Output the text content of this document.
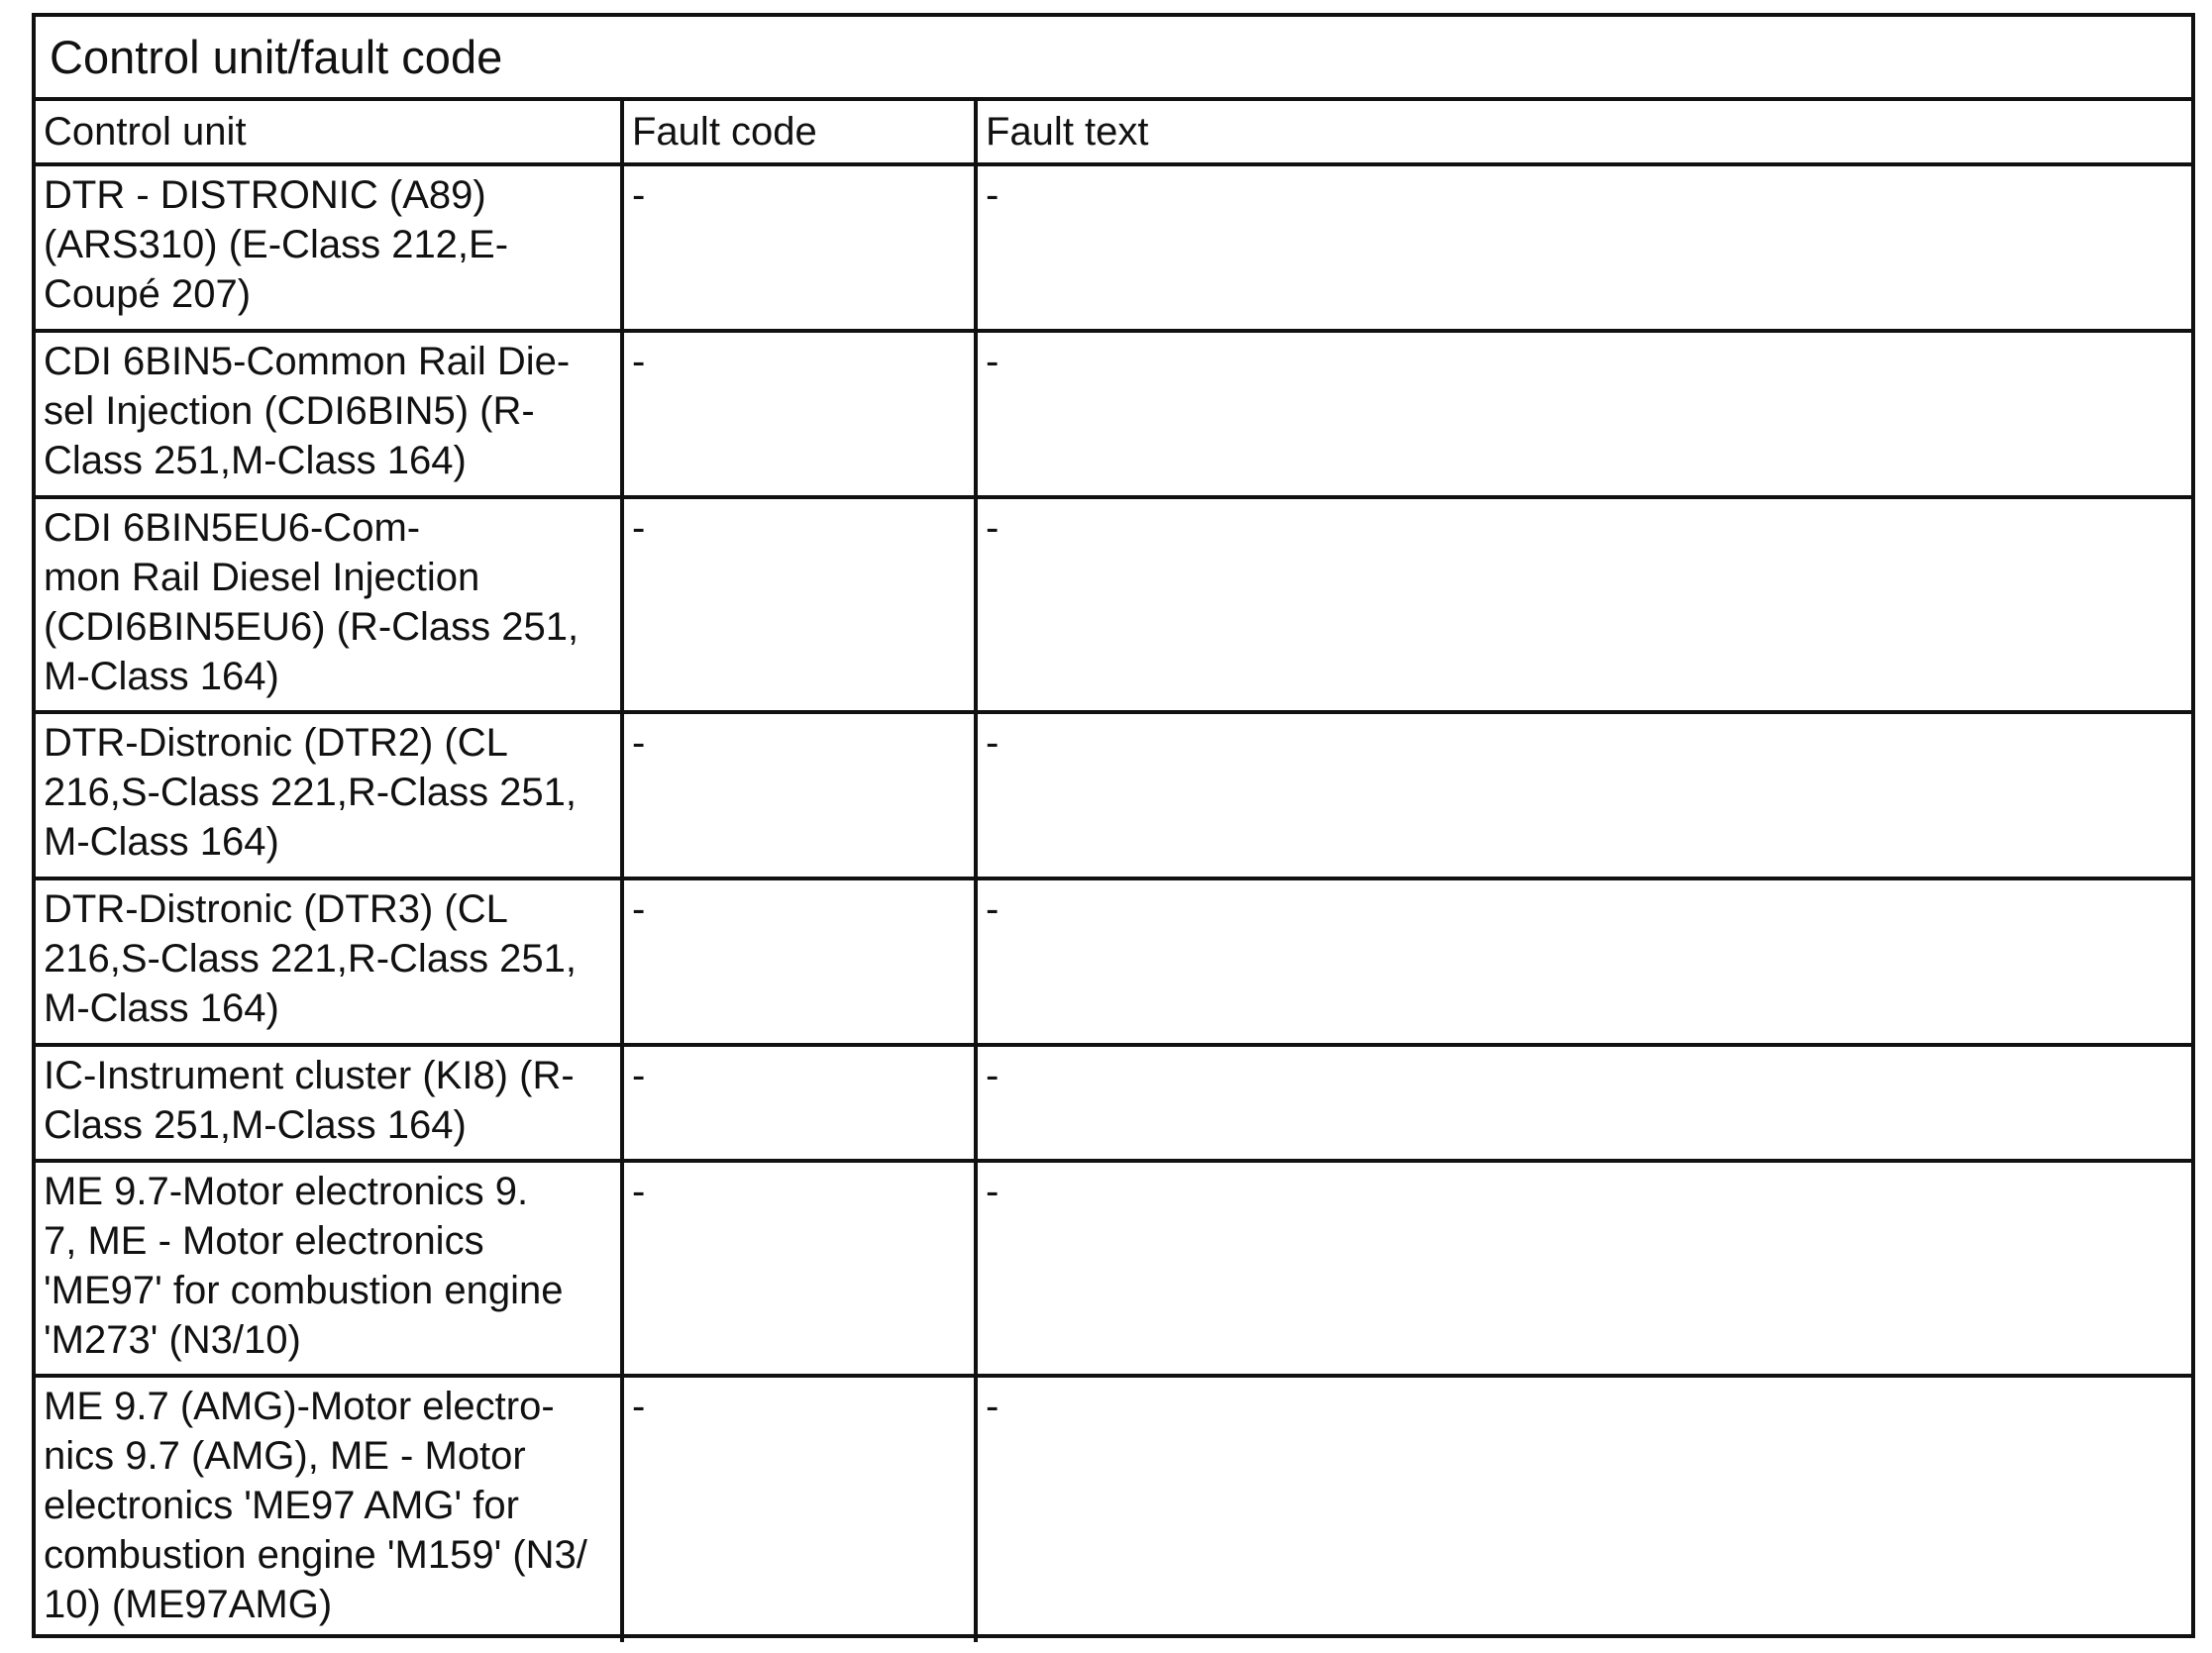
Control unit/fault code
Control unit	Fault code	Fault text
DTR - DISTRONIC (A89)
(ARS310) (E-Class 212,E-
Coupé 207)
-	-
CDI 6BIN5-Common Rail Die-
sel Injection (CDI6BIN5) (R-
Class 251,M-Class 164)
-	-
CDI 6BIN5EU6-Com-
mon Rail Diesel Injection
(CDI6BIN5EU6) (R-Class 251,
M-Class 164)
-	-
DTR-Distronic (DTR2) (CL
216,S-Class 221,R-Class 251,
M-Class 164)
-	-
DTR-Distronic (DTR3) (CL
216,S-Class 221,R-Class 251,
M-Class 164)
-	-
IC-Instrument cluster (KI8) (R-
Class 251,M-Class 164)
-	-
ME 9.7-Motor electronics 9.
7, ME - Motor electronics
'ME97' for combustion engine
'M273' (N3/10)
-	-
ME 9.7 (AMG)-Motor electro-
nics 9.7 (AMG), ME - Motor
electronics 'ME97 AMG' for
combustion engine 'M159' (N3/
10) (ME97AMG)
-	-
